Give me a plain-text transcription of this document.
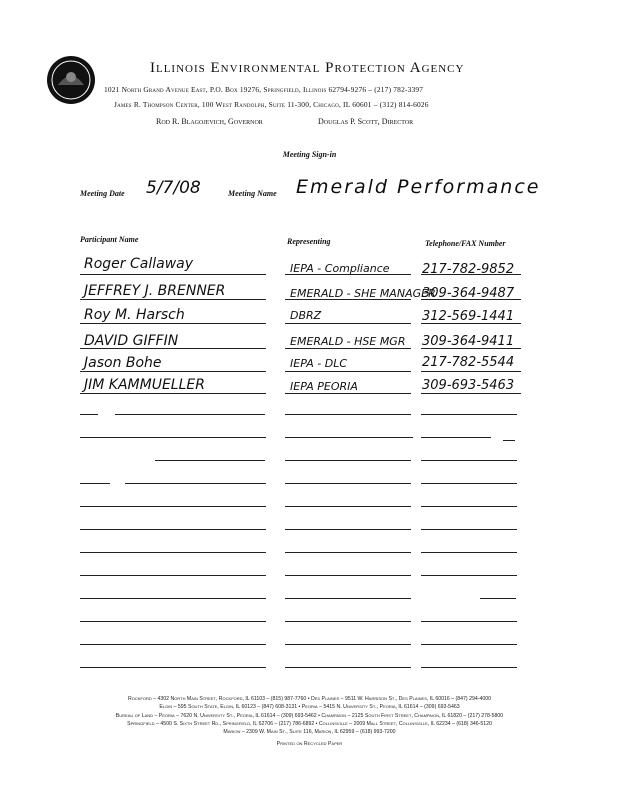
Illinois Environmental Protection Agency
1021 North Grand Avenue East, P.O. Box 19276, Springfield, Illinois 62794-9276 – (217) 782-3397
James R. Thompson Center, 100 West Randolph, Suite 11-300, Chicago, IL 60601 – (312) 814-6026
Rod R. Blagojevich, Governor	Douglas P. Scott, Director
Meeting Sign-in
Meeting Date 5/7/08	Meeting Name Emerald Performance
Participant Name	Representing	Telephone/FAX Number
Roger Callaway	IEPA - Compliance 217-782-9852
JEFFREY J. BRENNER	EMERALD - SHE MANAGER
309-364-9487
Roy M. Harsch	DBRZ	312-569-1441
DAVID GIFFIN	EMERALD - HSE MGR 309-364-9411
Jason Bohe	IEPA - DLC	217-782-5544
JIM KAMMUELLER	IEPA PEORIA	309-693-5463
Rockford – 4302 North Main Street, Rockford, IL 61103 – (815) 987-7760 • Des Plaines – 9511 W. Harrison St., Des Plaines, IL 60016 – (847) 294-4000
Elgin – 595 South State, Elgin, IL 60123 – (847) 608-3131 • Peoria – 5415 N. University St., Peoria, IL 61614 – (309) 693-5463
Bureau of Land – Peoria – 7620 N. University St., Peoria, IL 61614 – (309) 693-5462 • Champaign – 2125 South First Street, Champaign, IL 61820 – (217) 278-5800
Springfield – 4500 S. Sixth Street Rd., Springfield, IL 62706 – (217) 786-6892 • Collinsville – 2009 Mall Street, Collinsville, IL 62234 – (618) 346-5120
Marion – 2309 W. Main St., Suite 116, Marion, IL 62959 – (618) 993-7200
Printed on Recycled Paper
